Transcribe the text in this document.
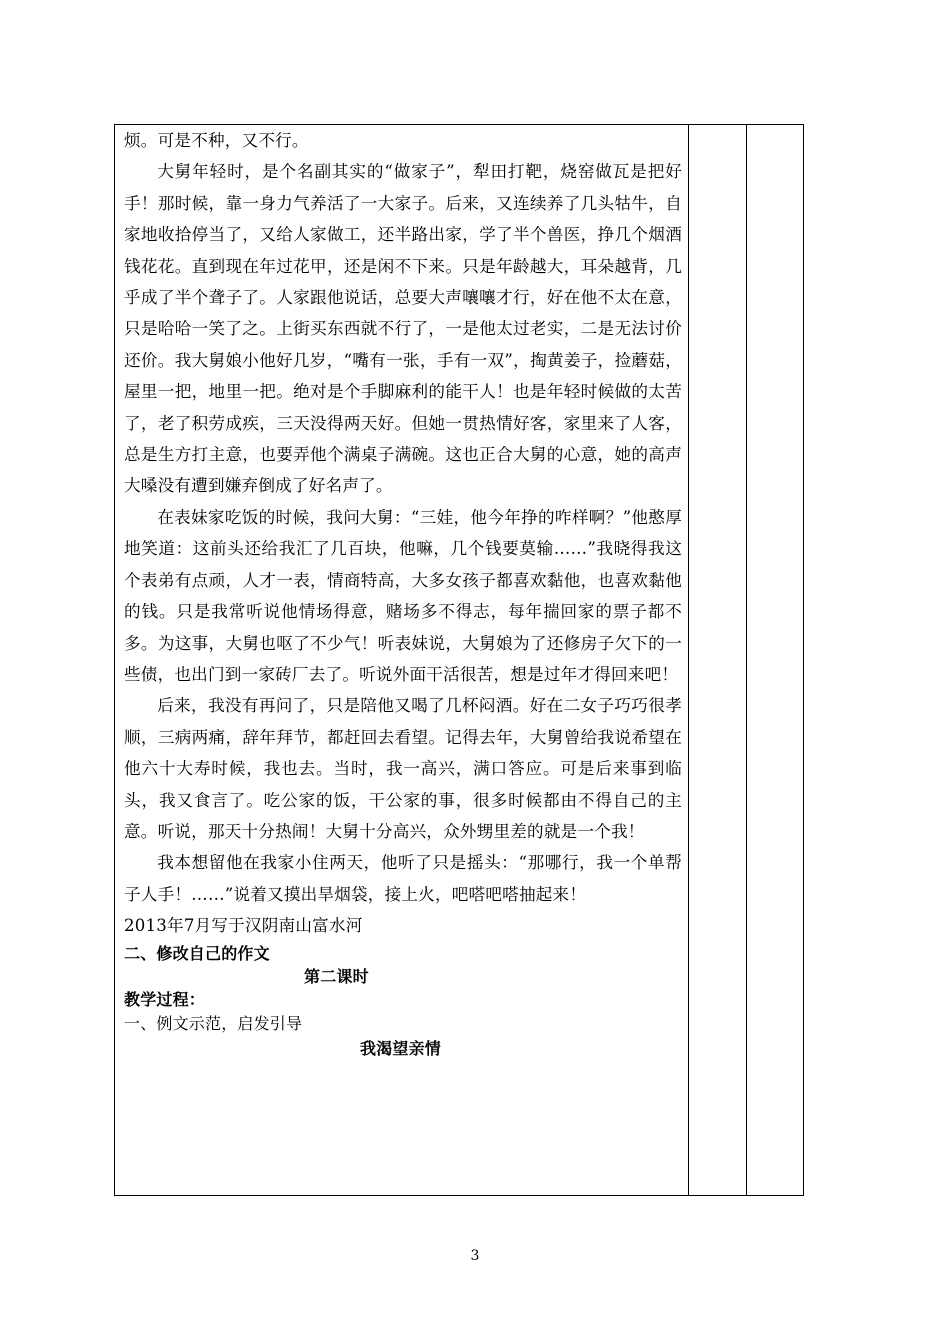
烦。可是不种，又不行。

大舅年轻时，是个名副其实的“做家子”，犁田打靶，烧窑做瓦是把好手！那时候，靠一身力气养活了一大家子。后来，又连续养了几头牯牛，自家地收拾停当了，又给人家做工，还半路出家，学了半个兽医，挣几个烟酒钱花花。直到现在年过花甲，还是闲不下来。只是年龄越大，耳朵越背，几乎成了半个聋子了。人家跟他说话，总要大声嚷嚷才行，好在他不太在意，只是哈哈一笑了之。上街买东西就不行了，一是他太过老实，二是无法讨价还价。我大舅娘小他好几岁，“嘴有一张，手有一双”，掏黄姜子，捡蘑菇，屋里一把，地里一把。绝对是个手脚麻利的能干人！也是年轻时候做的太苦了，老了积劳成疾，三天没得两天好。但她一贯热情好客，家里来了人客，总是生方打主意，也要弄他个满桌子满碗。这也正合大舅的心意，她的高声大嗓没有遭到嫌弃倒成了好名声了。

在表妹家吃饭的时候，我问大舅：“三娃，他今年挣的咋样啊？”他憨厚地笑道：这前头还给我汇了几百块，他嘛，几个钱要莫输……”我晓得我这个表弟有点顽，人才一表，情商特高，大多女孩子都喜欢黏他，也喜欢黏他的钱。只是我常听说他情场得意，赌场多不得志，每年揣回家的票子都不多。为这事，大舅也呕了不少气！听表妹说，大舅娘为了还修房子欠下的一些债，也出门到一家砖厂去了。听说外面干活很苦，想是过年才得回来吧！

后来，我没有再问了，只是陪他又喝了几杯闷酒。好在二女子巧巧很孝顺，三病两痛，辞年拜节，都赶回去看望。记得去年，大舅曾给我说希望在他六十大寿时候，我也去。当时，我一高兴，满口答应。可是后来事到临头，我又食言了。吃公家的饭，干公家的事，很多时候都由不得自己的主意。听说，那天十分热闹！大舅十分高兴，众外甥里差的就是一个我！

我本想留他在我家小住两天，他听了只是摇头：“那哪行，我一个单帮子人手！……”说着又摸出旱烟袋，接上火，吧嗒吧嗒抽起来！

2013年7月写于汉阴南山富水河

二、修改自己的作文

第二课时

教学过程：

一、例文示范，启发引导

我渴望亲情

3
